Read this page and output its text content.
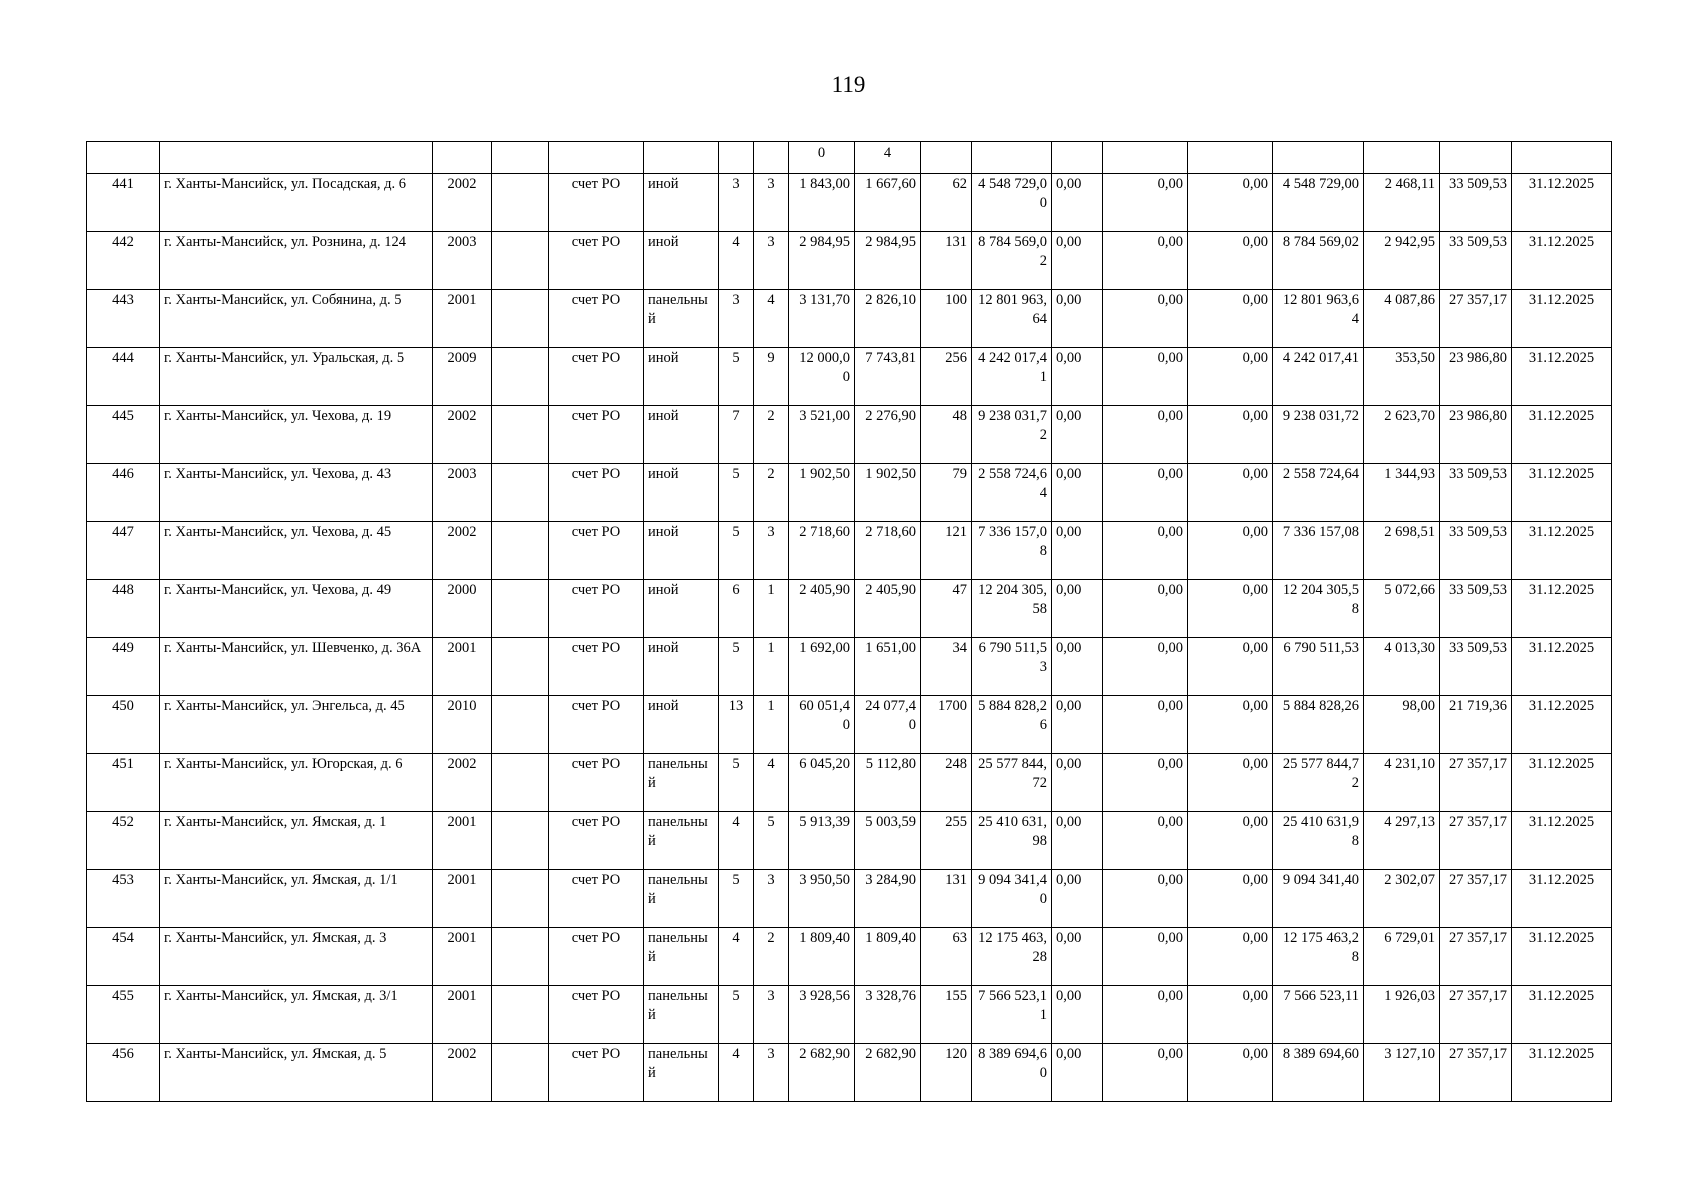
119
								0	4									
441	г. Ханты-Мансийск, ул. Посадская, д. 6	2002		счет РО	иной	3	3	1 843,00	1 667,60	62	4 548 729,00	0,00	0,00	0,00	4 548 729,00	2 468,11	33 509,53	31.12.2025
442	г. Ханты-Мансийск, ул. Рознина, д. 124	2003		счет РО	иной	4	3	2 984,95	2 984,95	131	8 784 569,02	0,00	0,00	0,00	8 784 569,02	2 942,95	33 509,53	31.12.2025
443	г. Ханты-Мансийск, ул. Собянина, д. 5	2001		счет РО	панельный	3	4	3 131,70	2 826,10	100	12 801 963,64	0,00	0,00	0,00	12 801 963,64	4 087,86	27 357,17	31.12.2025
444	г. Ханты-Мансийск, ул. Уральская, д. 5	2009		счет РО	иной	5	9	12 000,00	7 743,81	256	4 242 017,41	0,00	0,00	0,00	4 242 017,41	353,50	23 986,80	31.12.2025
445	г. Ханты-Мансийск, ул. Чехова, д. 19	2002		счет РО	иной	7	2	3 521,00	2 276,90	48	9 238 031,72	0,00	0,00	0,00	9 238 031,72	2 623,70	23 986,80	31.12.2025
446	г. Ханты-Мансийск, ул. Чехова, д. 43	2003		счет РО	иной	5	2	1 902,50	1 902,50	79	2 558 724,64	0,00	0,00	0,00	2 558 724,64	1 344,93	33 509,53	31.12.2025
447	г. Ханты-Мансийск, ул. Чехова, д. 45	2002		счет РО	иной	5	3	2 718,60	2 718,60	121	7 336 157,08	0,00	0,00	0,00	7 336 157,08	2 698,51	33 509,53	31.12.2025
448	г. Ханты-Мансийск, ул. Чехова, д. 49	2000		счет РО	иной	6	1	2 405,90	2 405,90	47	12 204 305,58	0,00	0,00	0,00	12 204 305,58	5 072,66	33 509,53	31.12.2025
449	г. Ханты-Мансийск, ул. Шевченко, д. 36А	2001		счет РО	иной	5	1	1 692,00	1 651,00	34	6 790 511,53	0,00	0,00	0,00	6 790 511,53	4 013,30	33 509,53	31.12.2025
450	г. Ханты-Мансийск, ул. Энгельса, д. 45	2010		счет РО	иной	13	1	60 051,40	24 077,40	1700	5 884 828,26	0,00	0,00	0,00	5 884 828,26	98,00	21 719,36	31.12.2025
451	г. Ханты-Мансийск, ул. Югорская, д. 6	2002		счет РО	панельный	5	4	6 045,20	5 112,80	248	25 577 844,72	0,00	0,00	0,00	25 577 844,72	4 231,10	27 357,17	31.12.2025
452	г. Ханты-Мансийск, ул. Ямская, д. 1	2001		счет РО	панельный	4	5	5 913,39	5 003,59	255	25 410 631,98	0,00	0,00	0,00	25 410 631,98	4 297,13	27 357,17	31.12.2025
453	г. Ханты-Мансийск, ул. Ямская, д. 1/1	2001		счет РО	панельный	5	3	3 950,50	3 284,90	131	9 094 341,40	0,00	0,00	0,00	9 094 341,40	2 302,07	27 357,17	31.12.2025
454	г. Ханты-Мансийск, ул. Ямская, д. 3	2001		счет РО	панельный	4	2	1 809,40	1 809,40	63	12 175 463,28	0,00	0,00	0,00	12 175 463,28	6 729,01	27 357,17	31.12.2025
455	г. Ханты-Мансийск, ул. Ямская, д. 3/1	2001		счет РО	панельный	5	3	3 928,56	3 328,76	155	7 566 523,11	0,00	0,00	0,00	7 566 523,11	1 926,03	27 357,17	31.12.2025
456	г. Ханты-Мансийск, ул. Ямская, д. 5	2002		счет РО	панельный	4	3	2 682,90	2 682,90	120	8 389 694,60	0,00	0,00	0,00	8 389 694,60	3 127,10	27 357,17	31.12.2025
